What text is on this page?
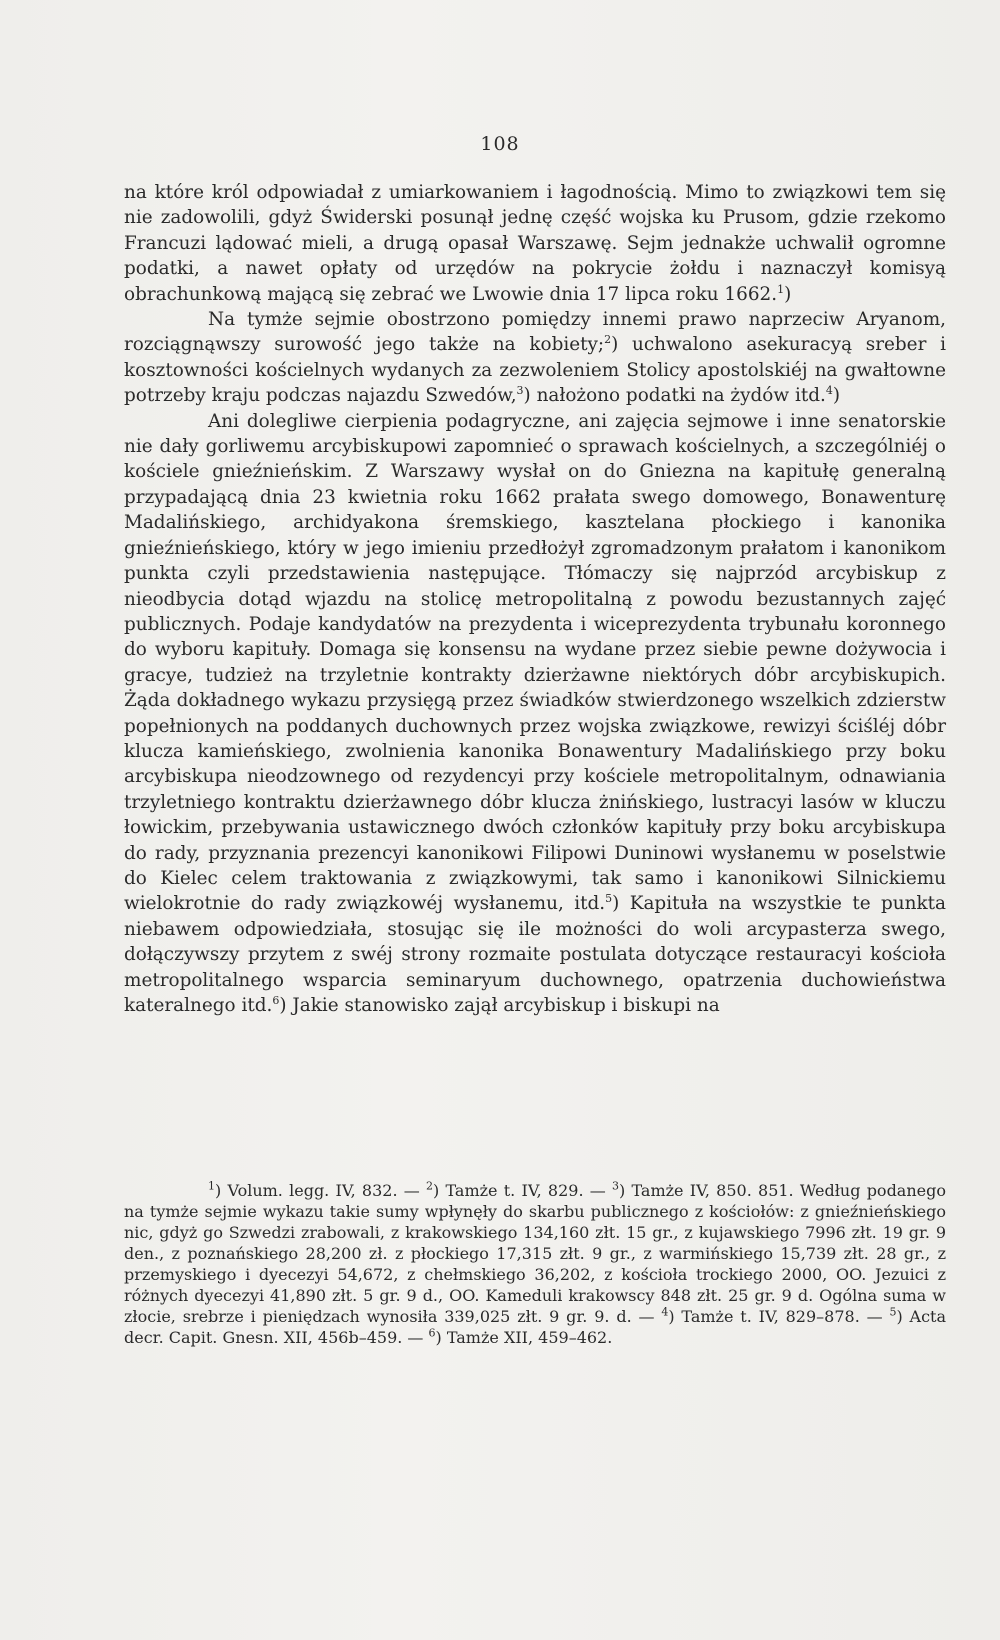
108

na które król odpowiadał z umiarkowaniem i łagodnością. Mimo to związkowi tem się nie zadowolili, gdyż Świderski posunął jednę część wojska ku Prusom, gdzie rzekomo Francuzi lądować mieli, a drugą opasał Warszawę. Sejm jednakże uchwalił ogromne podatki, a nawet opłaty od urzędów na pokrycie żołdu i naznaczył komisyą obrachunkową mającą się zebrać we Lwowie dnia 17 lipca roku 1662.$^1$)

Na tymże sejmie obostrzono pomiędzy innemi prawo naprzeciw Aryanom, rozciągnąwszy surowość jego także na kobiety;$^2$) uchwalono asekuracyą sreber i kosztowności kościelnych wydanych za zezwoleniem Stolicy apostolskiéj na gwałtowne potrzeby kraju podczas najazdu Szwedów,$^3$) nałożono podatki na żydów itd.$^4$)

Ani dolegliwe cierpienia podagryczne, ani zajęcia sejmowe i inne senatorskie nie dały gorliwemu arcybiskupowi zapomnieć o sprawach kościelnych, a szczególniéj o kościele gnieźnieńskim. Z Warszawy wysłał on do Gniezna na kapitułę generalną przypadającą dnia 23 kwietnia roku 1662 prałata swego domowego, Bonawenturę Madalińskiego, archidyakona śremskiego, kasztelana płockiego i kanonika gnieźnieńskiego, który w jego imieniu przedłożył zgromadzonym prałatom i kanonikom punkta czyli przedstawienia następujące. Tłómaczy się najprzód arcybiskup z nieodbycia dotąd wjazdu na stolicę metropolitalną z powodu bezustannych zajęć publicznych. Podaje kandydatów na prezydenta i wiceprezydenta trybunału koronnego do wyboru kapituły. Domaga się konsensu na wydane przez siebie pewne dożywocia i gracye, tudzież na trzyletnie kontrakty dzierżawne niektórych dóbr arcybiskupich. Żąda dokładnego wykazu przysięgą przez świadków stwierdzonego wszelkich zdzierstw popełnionych na poddanych duchownych przez wojska związkowe, rewizyi ściśléj dóbr klucza kamieńskiego, zwolnienia kanonika Bonawentury Madalińskiego przy boku arcybiskupa nieodzownego od rezydencyi przy kościele metropolitalnym, odnawiania trzyletniego kontraktu dzierżawnego dóbr klucza żnińskiego, lustracyi lasów w kluczu łowickim, przebywania ustawicznego dwóch członków kapituły przy boku arcybiskupa do rady, przyznania prezencyi kanonikowi Filipowi Duninowi wysłanemu w poselstwie do Kielec celem traktowania z związkowymi, tak samo i kanonikowi Silnickiemu wielokrotnie do rady związkowéj wysłanemu, itd.$^5$) Kapituła na wszystkie te punkta niebawem odpowiedziała, stosując się ile możności do woli arcypasterza swego, dołączywszy przytem z swéj strony rozmaite postulata dotyczące restauracyi kościoła metropolitalnego wsparcia seminaryum duchownego, opatrzenia duchowieństwa kateralnego itd.$^6$) Jakie stanowisko zajął arcybiskup i biskupi na

$^1$) Volum. legg. IV, 832. — $^2$) Tamże t. IV, 829. — $^3$) Tamże IV, 850. 851. Według podanego na tymże sejmie wykazu takie sumy wpłynęły do skarbu publicznego z kościołów: z gnieźnieńskiego nic, gdyż go Szwedzi zrabowali, z krakowskiego 134,160 złt. 15 gr., z kujawskiego 7996 złt. 19 gr. 9 den., z poznańskiego 28,200 zł. z płockiego 17,315 złt. 9 gr., z warmińskiego 15,739 złt. 28 gr., z przemyskiego i dyecezyi 54,672, z chełmskiego 36,202, z kościoła trockiego 2000, OO. Jezuici z różnych dyecezyi 41,890 złt. 5 gr. 9 d., OO. Kameduli krakowscy 848 złt. 25 gr. 9 d. Ogólna suma w złocie, srebrze i pieniędzach wynosiła 339,025 złt. 9 gr. 9. d. — $^4$) Tamże t. IV, 829–878. — $^5$) Acta decr. Capit. Gnesn. XII, 456b–459. — $^6$) Tamże XII, 459–462.
